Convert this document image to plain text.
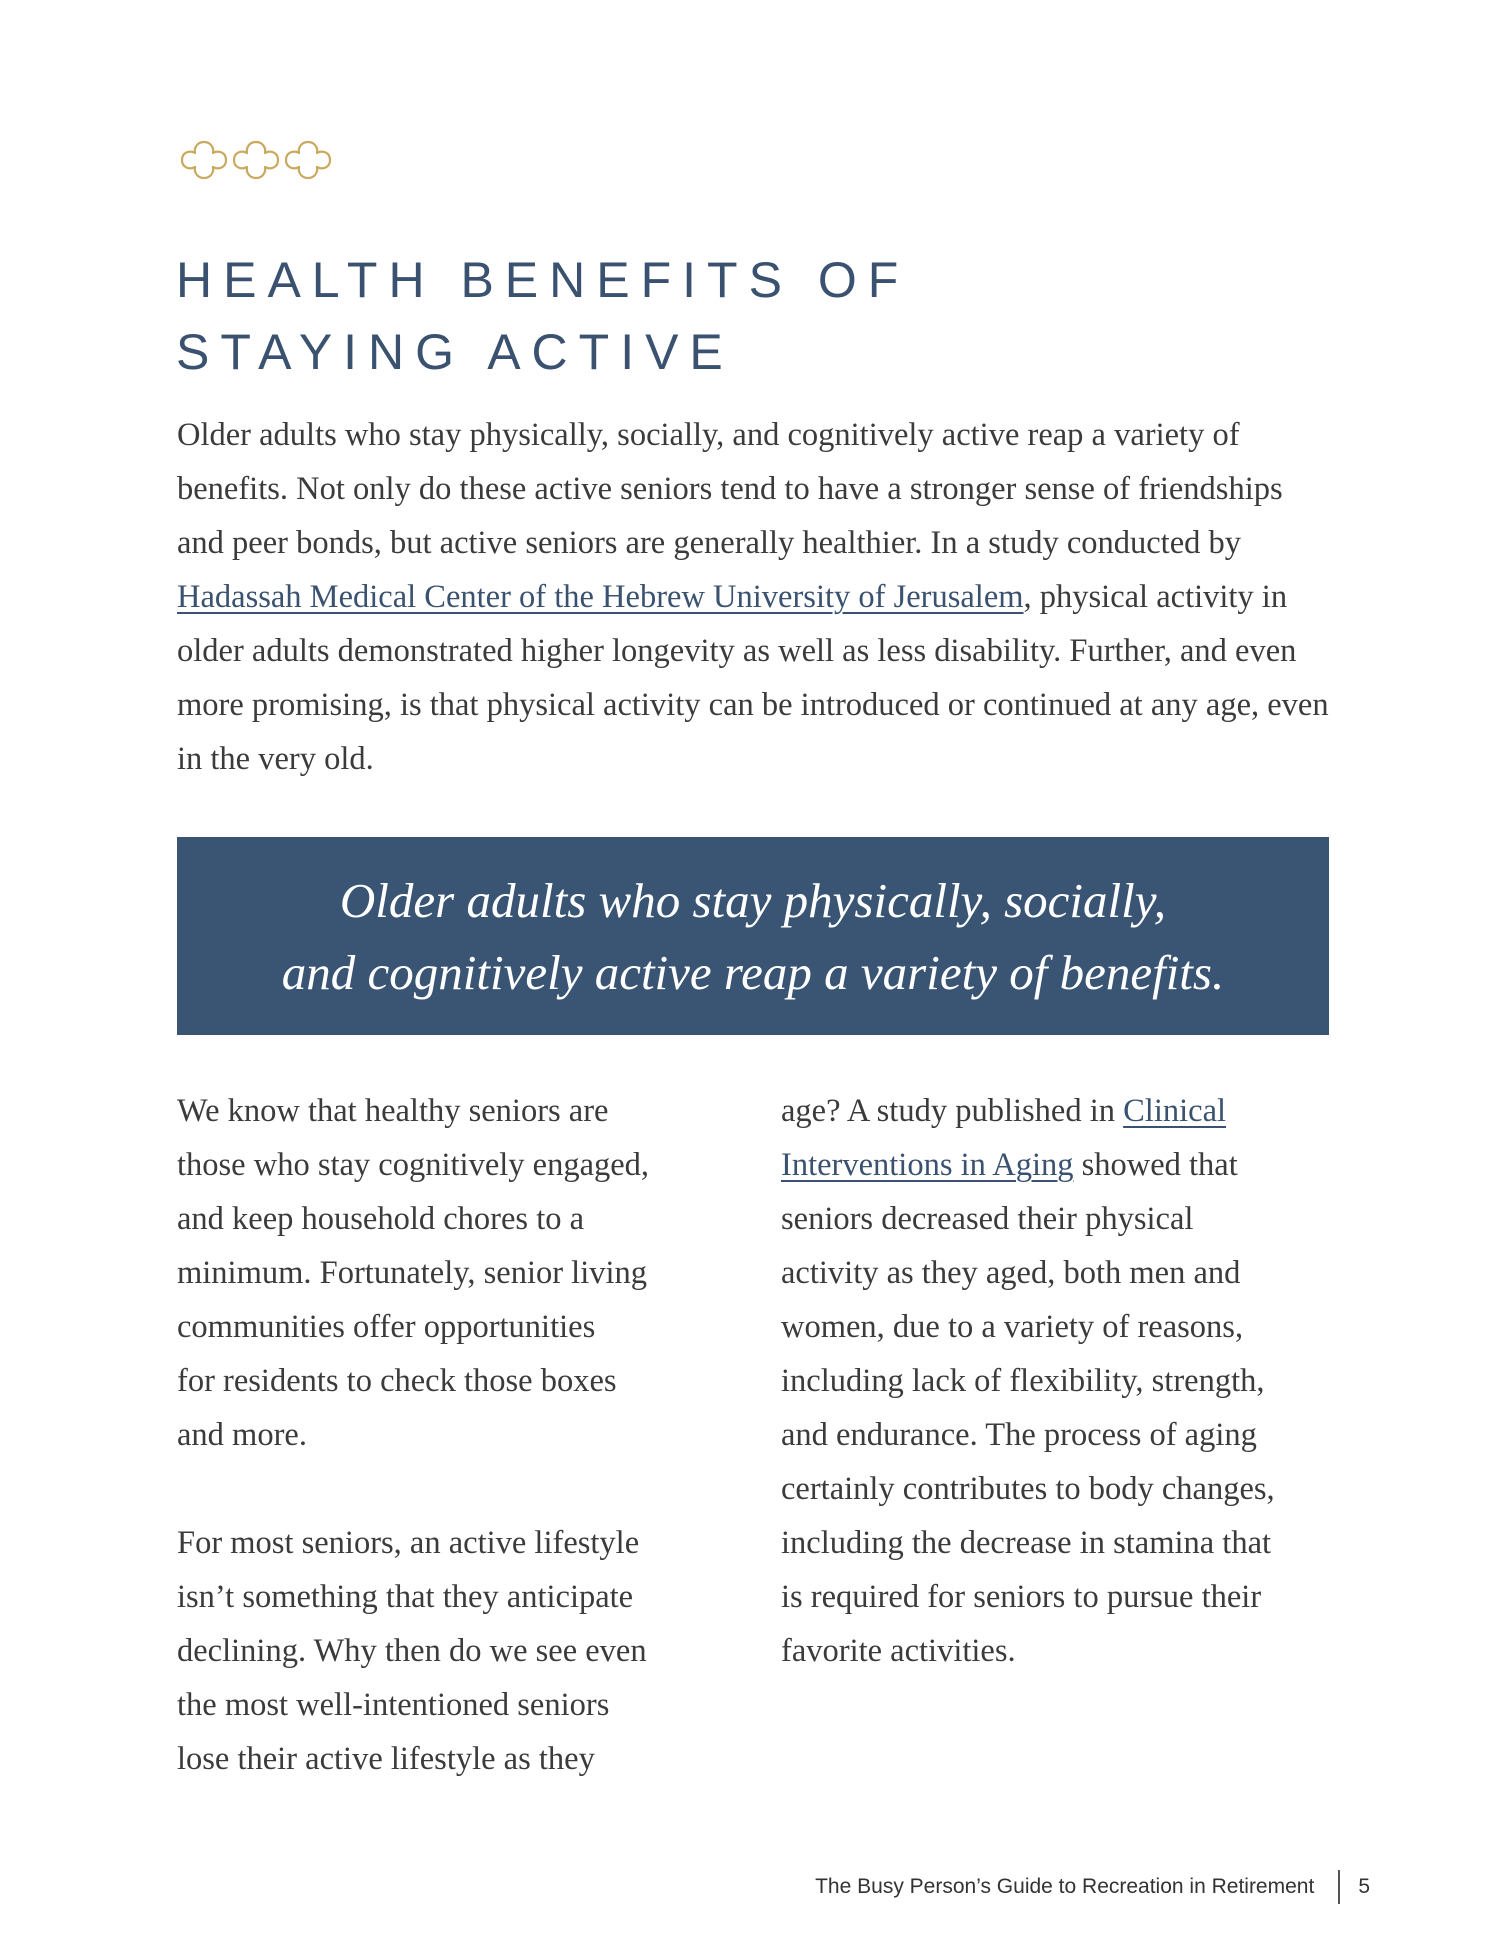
HEALTH BENEFITS OF
STAYING ACTIVE

Older adults who stay physically, socially, and cognitively active reap a variety of benefits. Not only do these active seniors tend to have a stronger sense of friendships and peer bonds, but active seniors are generally healthier. In a study conducted by Hadassah Medical Center of the Hebrew University of Jerusalem, physical activity in older adults demonstrated higher longevity as well as less disability. Further, and even more promising, is that physical activity can be introduced or continued at any age, even in the very old.

Older adults who stay physically, socially,
and cognitively active reap a variety of benefits.

We know that healthy seniors are
those who stay cognitively engaged,
and keep household chores to a
minimum. Fortunately, senior living
communities offer opportunities
for residents to check those boxes
and more.

For most seniors, an active lifestyle
isn’t something that they anticipate
declining. Why then do we see even
the most well-intentioned seniors
lose their active lifestyle as they

age? A study published in Clinical
Interventions in Aging showed that
seniors decreased their physical
activity as they aged, both men and
women, due to a variety of reasons,
including lack of flexibility, strength,
and endurance. The process of aging
certainly contributes to body changes,
including the decrease in stamina that
is required for seniors to pursue their
favorite activities.

The Busy Person’s Guide to Recreation in Retirement 5
